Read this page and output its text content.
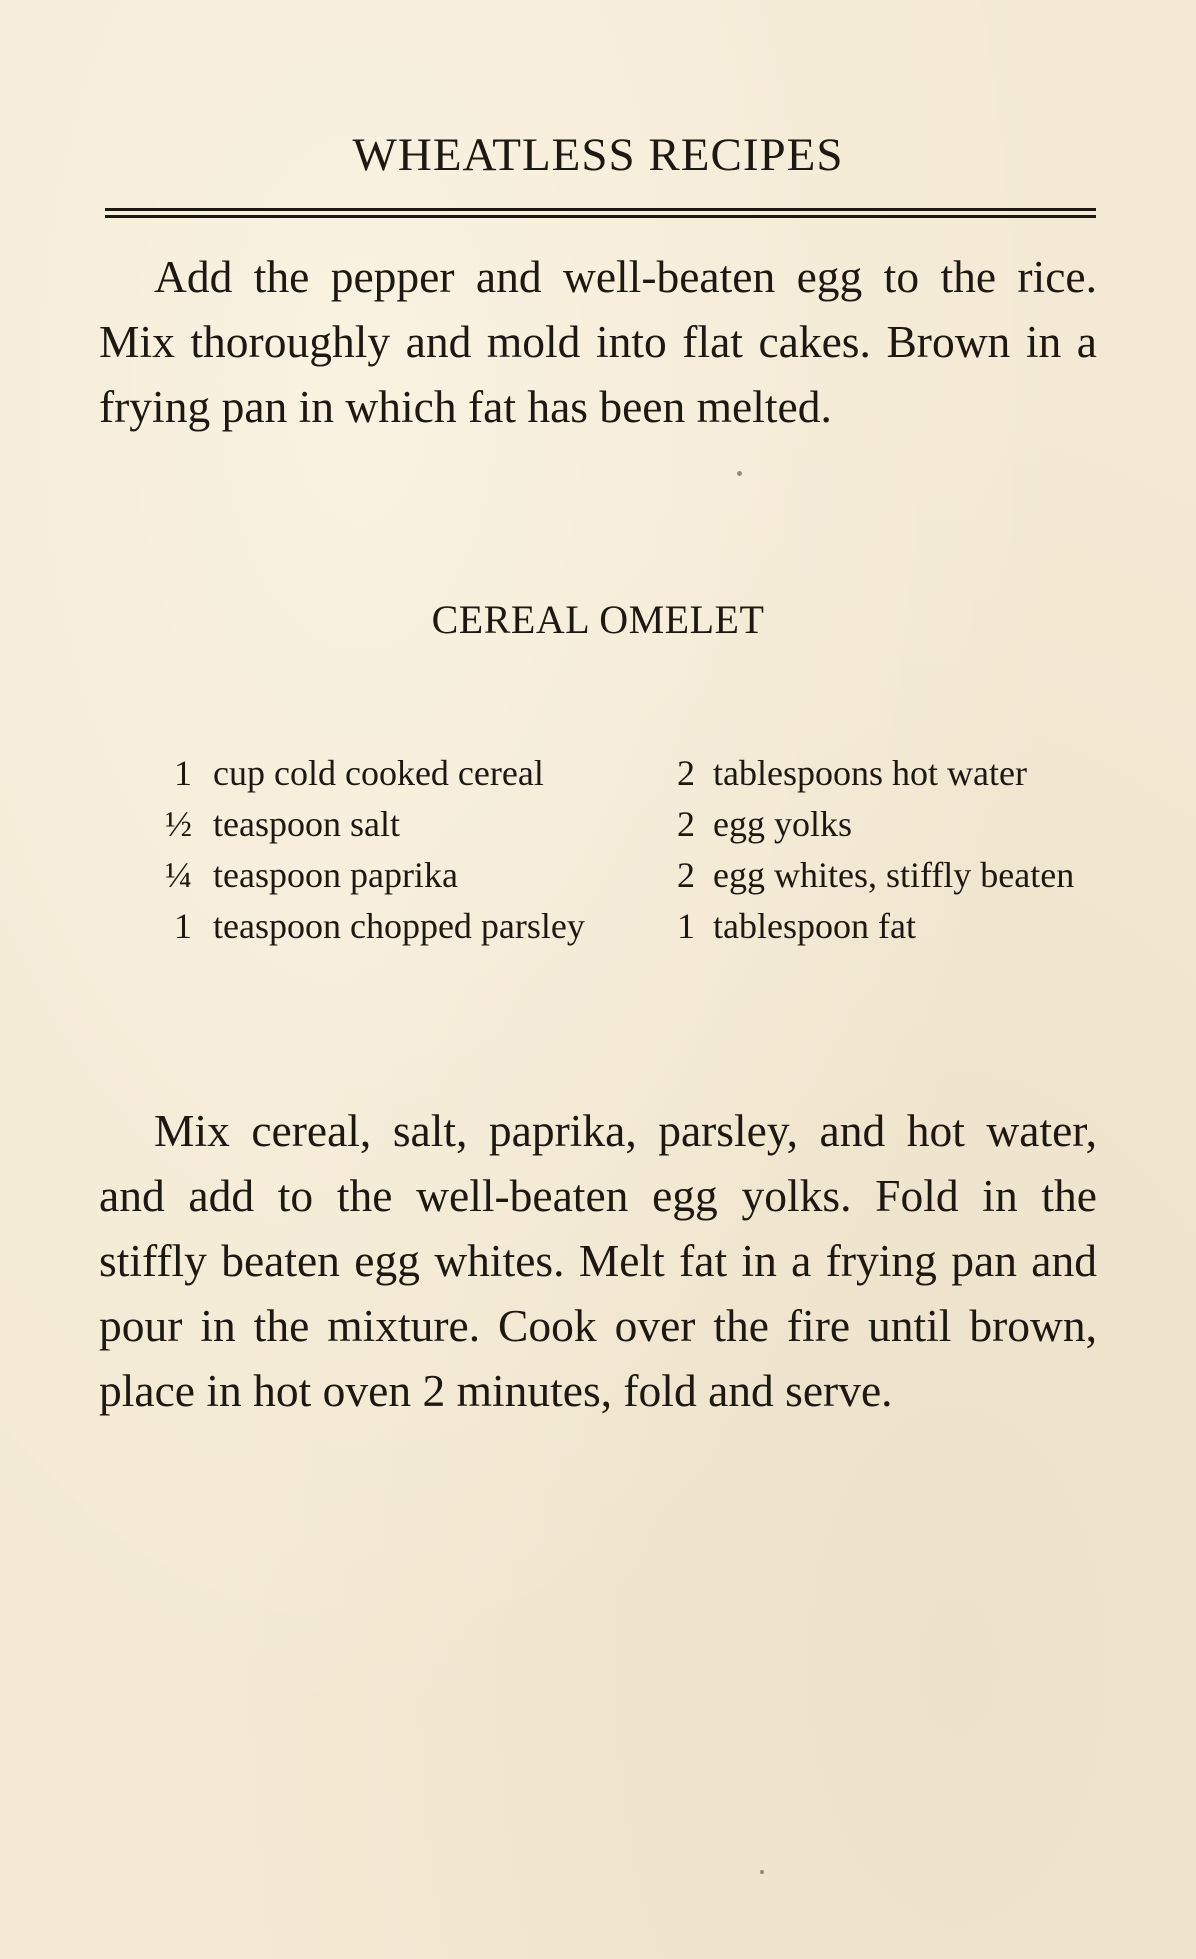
WHEATLESS RECIPES

Add the pepper and well-beaten egg to the rice. Mix thoroughly and mold into flat cakes. Brown in a frying pan in which fat has been melted.

CEREAL OMELET
1 cup cold cooked cereal
½ teaspoon salt
¼ teaspoon paprika
1 teaspoon chopped parsley
2 tablespoons hot water
2 egg yolks
2 egg whites, stiffly beaten
1 tablespoon fat

Mix cereal, salt, paprika, parsley, and hot water, and add to the well-beaten egg yolks. Fold in the stiffly beaten egg whites. Melt fat in a frying pan and pour in the mixture. Cook over the fire until brown, place in hot oven 2 minutes, fold and serve.
